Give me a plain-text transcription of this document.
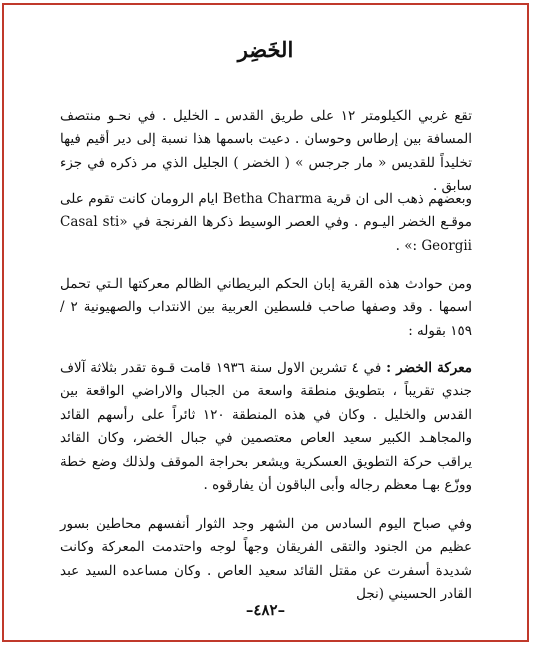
الخَضِر

تقع غربي الكيلومتر ١٢ على طريق القدس ـ الخليل . في نحـو منتصف المسافة بين إرطاس وحوسان . دعيت باسمها هذا نسبة إلى دير أقيم فيها تخليداً للقديس « مار جرجس » ( الخضر ) الجليل الذي مر ذكره في جزء سابق .

وبعضهم ذهب الى ان قرية Betha Charma ايام الرومان كانت تقوم على موقـع الخضر اليـوم . وفي العصر الوسيط ذكرها الفرنجة في «Casal sti : Georgii» .

ومن حوادث هذه القرية إبان الحكم البريطاني الظالم معركتها الـتي تحمل اسمها . وقد وصفها صاحب فلسطين العربية بين الانتداب والصهيونية ٢ / ١٥٩ بقوله :

معركة الخضر : في ٤ تشرين الاول سنة ١٩٣٦ قامت قـوة تقدر بثلاثة آلاف جندي تقريباً ، بتطويق منطقة واسعة من الجبال والاراضي الواقعة بين القدس والخليل . وكان في هذه المنطقة ١٢٠ ثائراً على رأسهم القائد والمجاهـد الكبير سعيد العاص معتصمين في جبال الخضر، وكان القائد يراقب حركة التطويق العسكرية ويشعر بحراجة الموقف ولذلك وضع خطة ووزّع بهـا معظم رجاله وأبى الباقون أن يفارقوه .

وفي صباح اليوم السادس من الشهر وجد الثوار أنفسهم محاطين بسور عظيم من الجنود والتقى الفريقان وجهاً لوجه واحتدمت المعركة وكانت شديدة أسفرت عن مقتل القائد سعيد العاص . وكان مساعده السيد عبد القادر الحسيني (نجل

–٤٨٢–
